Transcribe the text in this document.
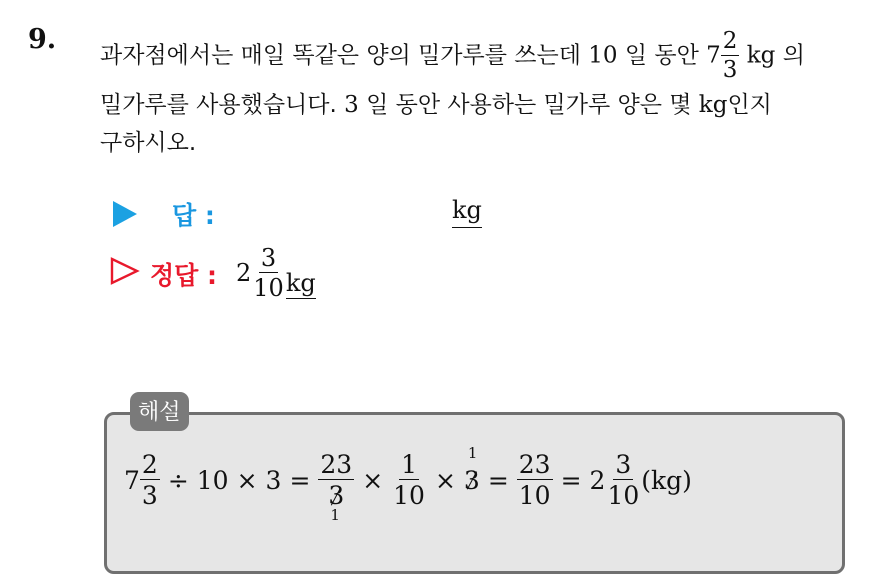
9.
과자점에서는 매일 똑같은 양의 밀가루를 쓰는데 10 일 동안 $7 \frac{2}{3}$ kg 의
밀가루를 사용했습니다. 3 일 동안 사용하는 밀가루 양은 몇 kg인지
구하시오.
답 :	kg
정답 : $2 \frac{3}{10}$ kg
해설
$7 \frac{2}{3} \div 10 \times 3 = 23$
3
$1 \times \frac{1}{10}$ ×
1
$3 = \frac{23}{10} = 2 \frac{3}{10} (kg)$
